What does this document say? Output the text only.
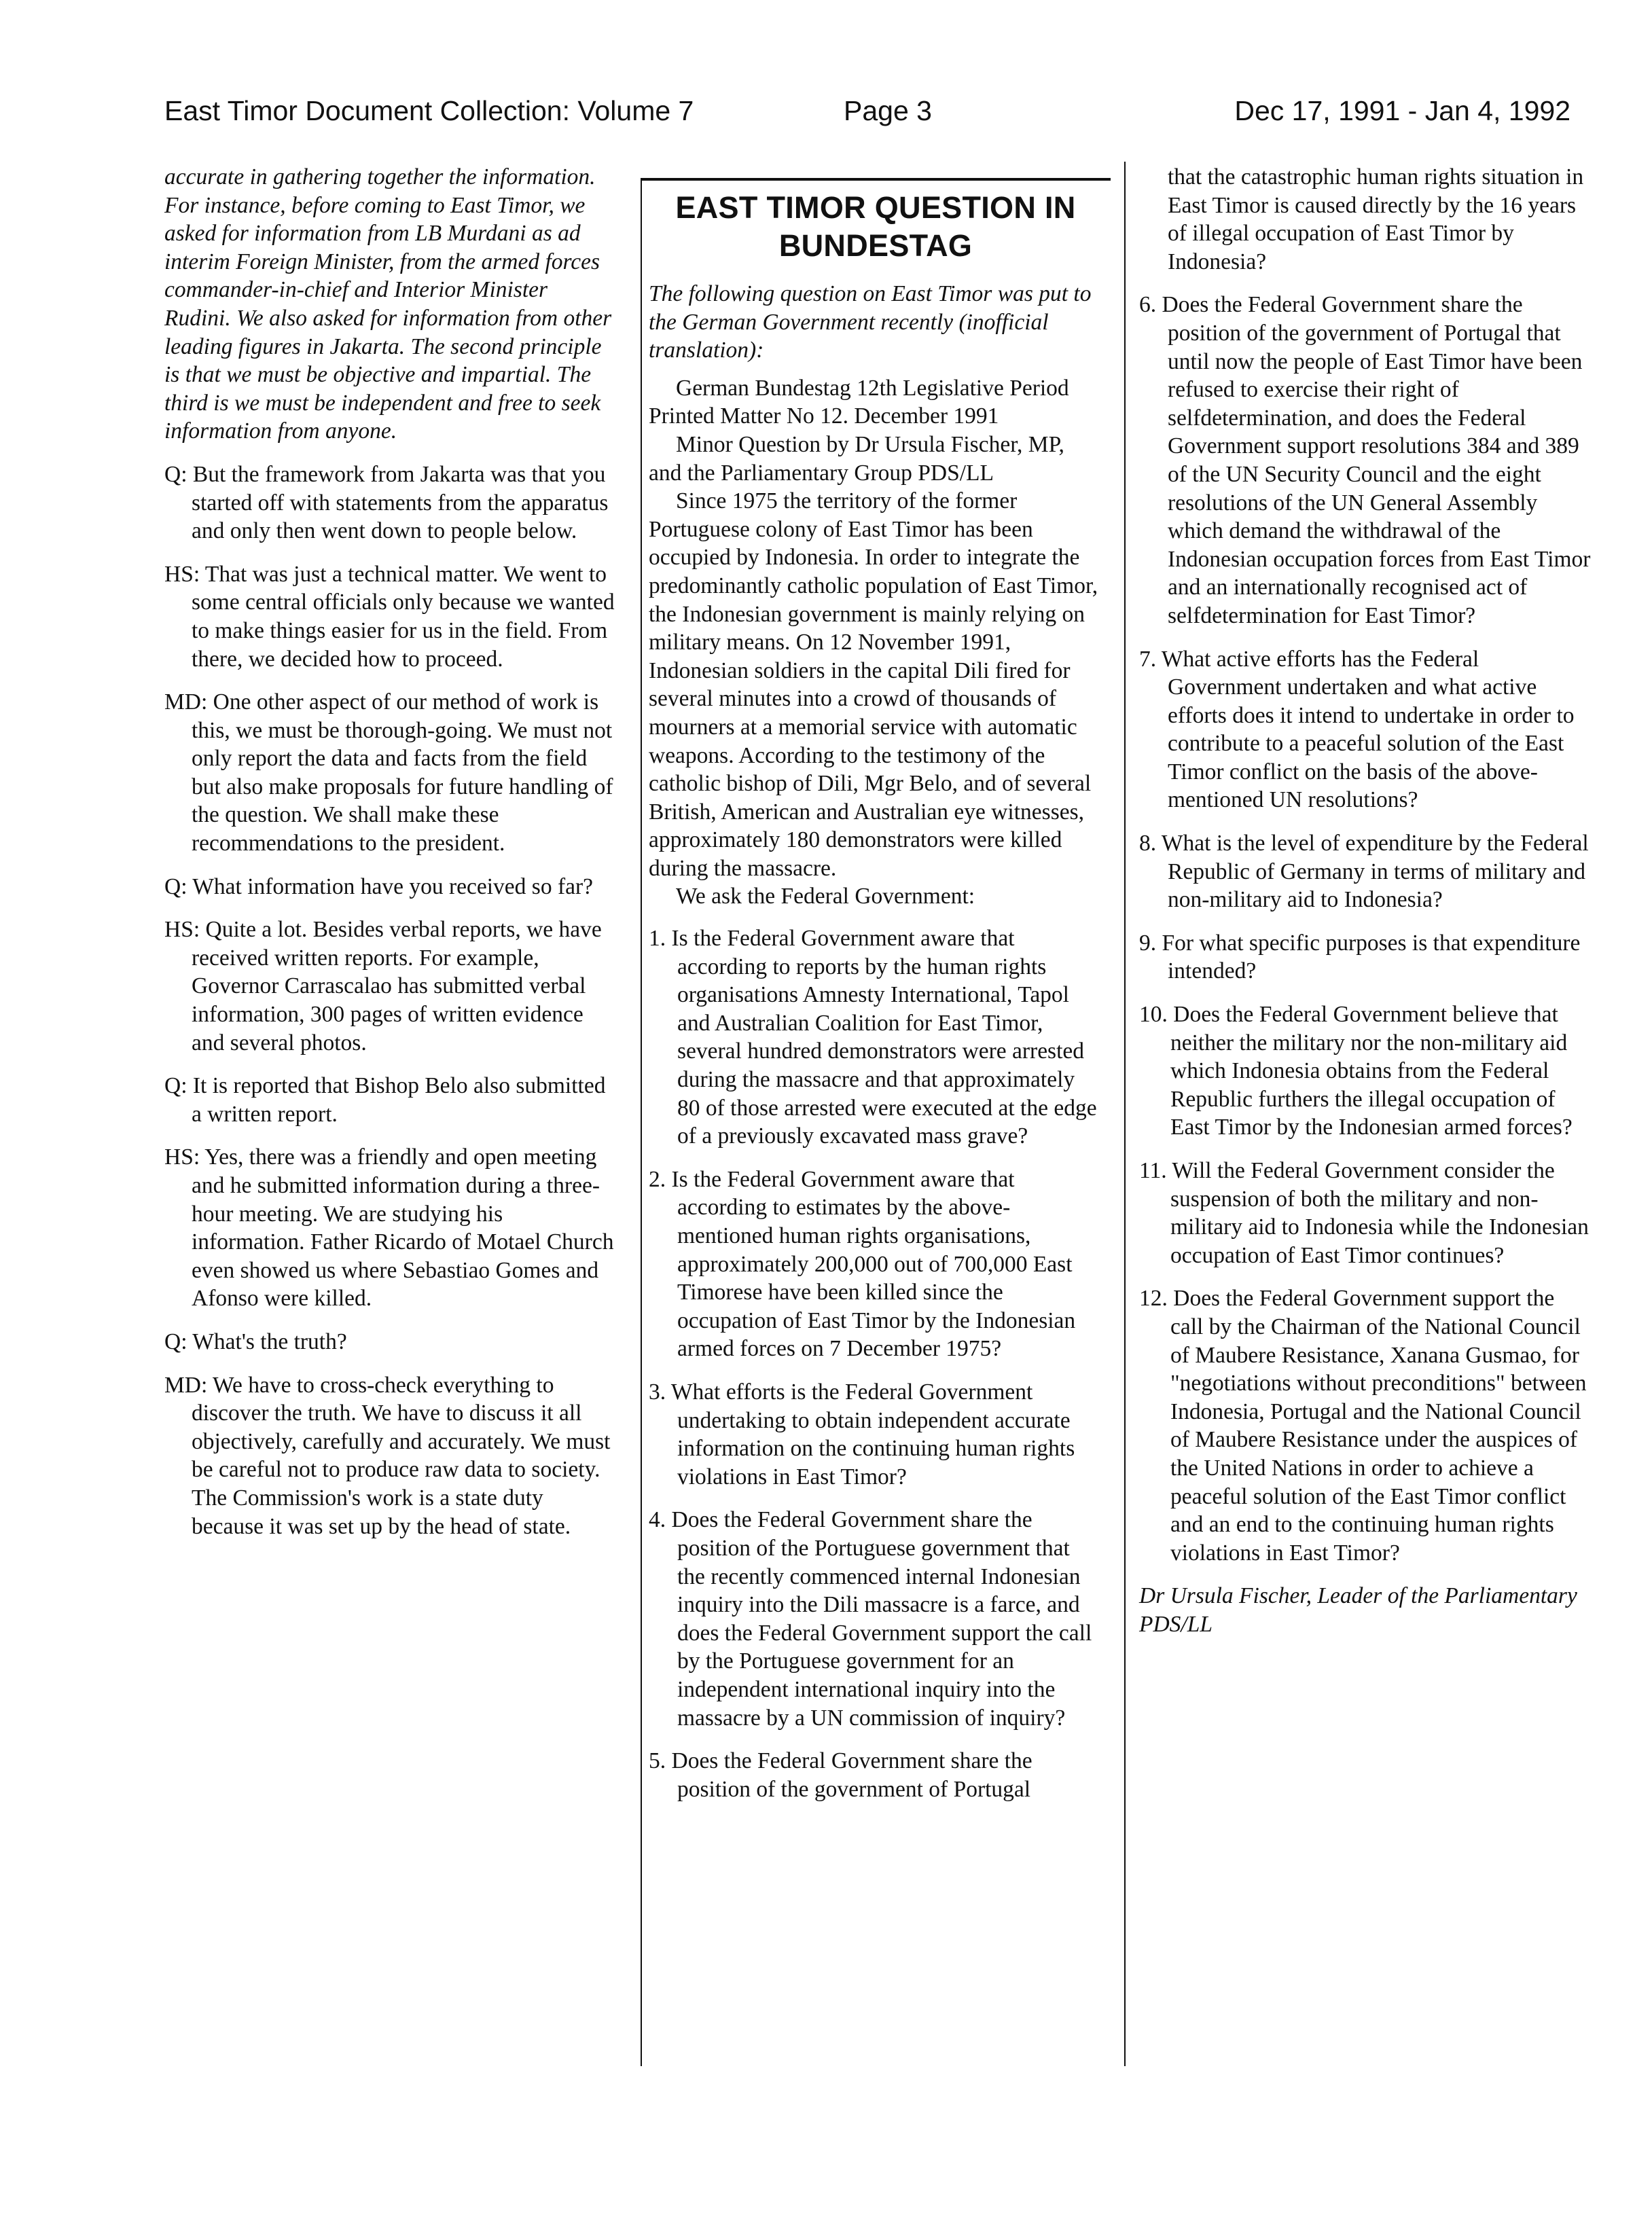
East Timor Document Collection: Volume 7	Page 3	Dec 17, 1991 - Jan 4, 1992

accurate in gathering together the information. For instance, before coming to East Timor, we asked for information from LB Murdani as ad interim Foreign Minister, from the armed forces commander-in-chief and Interior Minister Rudini. We also asked for information from other leading figures in Jakarta. The second principle is that we must be objective and impartial. The third is we must be independent and free to seek information from anyone.

Q: But the framework from Jakarta was that you started off with statements from the apparatus and only then went down to people below.

HS: That was just a technical matter. We went to some central officials only because we wanted to make things easier for us in the field. From there, we decided how to proceed.

MD: One other aspect of our method of work is this, we must be thorough-going. We must not only report the data and facts from the field but also make proposals for future handling of the question. We shall make these recommendations to the president.

Q: What information have you received so far?

HS: Quite a lot. Besides verbal reports, we have received written reports. For example, Governor Carrascalao has submitted verbal information, 300 pages of written evidence and several photos.

Q: It is reported that Bishop Belo also submitted a written report.

HS: Yes, there was a friendly and open meeting and he submitted information during a three-hour meeting. We are studying his information. Father Ricardo of Motael Church even showed us where Sebastiao Gomes and Afonso were killed.

Q: What's the truth?

MD: We have to cross-check everything to discover the truth. We have to discuss it all objectively, carefully and accurately. We must be careful not to produce raw data to society. The Commission's work is a state duty because it was set up by the head of state.

EAST TIMOR QUESTION IN BUNDESTAG

The following question on East Timor was put to the German Government recently (inofficial translation):

German Bundestag 12th Legislative Period Printed Matter No 12. December 1991

Minor Question by Dr Ursula Fischer, MP, and the Parliamentary Group PDS/LL

Since 1975 the territory of the former Portuguese colony of East Timor has been occupied by Indonesia. In order to integrate the predominantly catholic population of East Timor, the Indonesian government is mainly relying on military means. On 12 November 1991, Indonesian soldiers in the capital Dili fired for several minutes into a crowd of thousands of mourners at a memorial service with automatic weapons. According to the testimony of the catholic bishop of Dili, Mgr Belo, and of several British, American and Australian eye witnesses, approximately 180 demonstrators were killed during the massacre.

We ask the Federal Government:

1. Is the Federal Government aware that according to reports by the human rights organisations Amnesty International, Tapol and Australian Coalition for East Timor, several hundred demonstrators were arrested during the massacre and that approximately 80 of those arrested were executed at the edge of a previously excavated mass grave?

2. Is the Federal Government aware that according to estimates by the above-mentioned human rights organisations, approximately 200,000 out of 700,000 East Timorese have been killed since the occupation of East Timor by the Indonesian armed forces on 7 December 1975?

3. What efforts is the Federal Government undertaking to obtain independent accurate information on the continuing human rights violations in East Timor?

4. Does the Federal Government share the position of the Portuguese government that the recently commenced internal Indonesian inquiry into the Dili massacre is a farce, and does the Federal Government support the call by the Portuguese government for an independent international inquiry into the massacre by a UN commission of inquiry?

5. Does the Federal Government share the position of the government of Portugal

that the catastrophic human rights situation in East Timor is caused directly by the 16 years of illegal occupation of East Timor by Indonesia?

6. Does the Federal Government share the position of the government of Portugal that until now the people of East Timor have been refused to exercise their right of selfdetermination, and does the Federal Government support resolutions 384 and 389 of the UN Security Council and the eight resolutions of the UN General Assembly which demand the withdrawal of the Indonesian occupation forces from East Timor and an internationally recognised act of selfdetermination for East Timor?

7. What active efforts has the Federal Government undertaken and what active efforts does it intend to undertake in order to contribute to a peaceful solution of the East Timor conflict on the basis of the above-mentioned UN resolutions?

8. What is the level of expenditure by the Federal Republic of Germany in terms of military and non-military aid to Indonesia?

9. For what specific purposes is that expenditure intended?

10. Does the Federal Government believe that neither the military nor the non-military aid which Indonesia obtains from the Federal Republic furthers the illegal occupation of East Timor by the Indonesian armed forces?

11. Will the Federal Government consider the suspension of both the military and non-military aid to Indonesia while the Indonesian occupation of East Timor continues?

12. Does the Federal Government support the call by the Chairman of the National Council of Maubere Resistance, Xanana Gusmao, for "negotiations without preconditions" between Indonesia, Portugal and the National Council of Maubere Resistance under the auspices of the United Nations in order to achieve a peaceful solution of the East Timor conflict and an end to the continuing human rights violations in East Timor?

Dr Ursula Fischer, Leader of the Parliamentary PDS/LL
